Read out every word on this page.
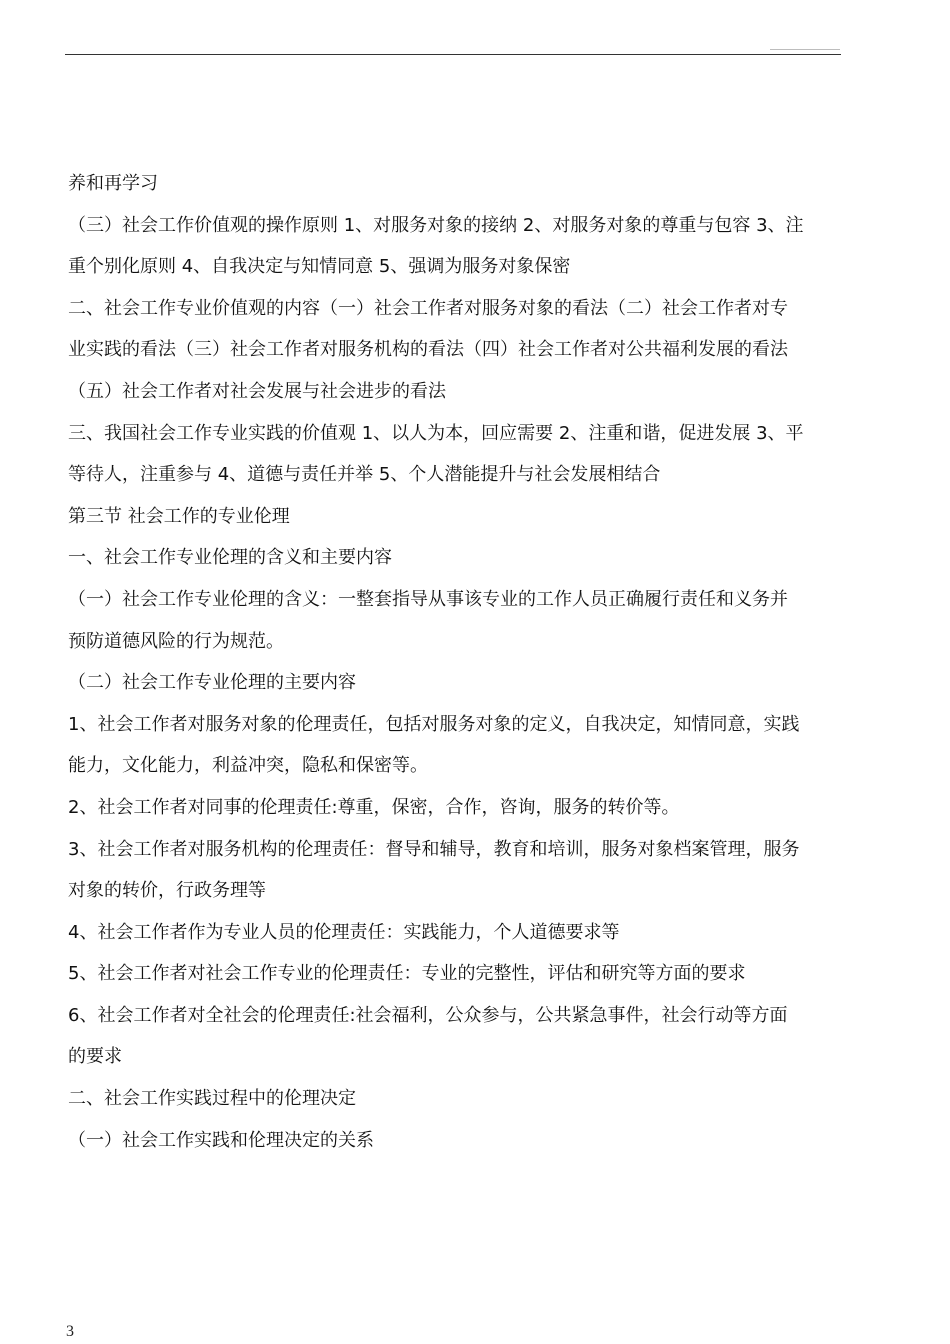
养和再学习
（三）社会工作价值观的操作原则 1、对服务对象的接纳 2、对服务对象的尊重与包容 3、注
重个别化原则 4、自我决定与知情同意 5、强调为服务对象保密
二、社会工作专业价值观的内容（一）社会工作者对服务对象的看法（二）社会工作者对专
业实践的看法（三）社会工作者对服务机构的看法（四）社会工作者对公共福利发展的看法
（五）社会工作者对社会发展与社会进步的看法
三、我国社会工作专业实践的价值观 1、以人为本，回应需要 2、注重和谐，促进发展 3、平
等待人，注重参与 4、道德与责任并举 5、个人潜能提升与社会发展相结合
第三节 社会工作的专业伦理
一、社会工作专业伦理的含义和主要内容
（一）社会工作专业伦理的含义：一整套指导从事该专业的工作人员正确履行责任和义务并
预防道德风险的行为规范。
（二）社会工作专业伦理的主要内容
1、社会工作者对服务对象的伦理责任，包括对服务对象的定义，自我决定，知情同意，实践
能力，文化能力，利益冲突，隐私和保密等。
2、社会工作者对同事的伦理责任:尊重，保密，合作，咨询，服务的转价等。
3、社会工作者对服务机构的伦理责任：督导和辅导，教育和培训，服务对象档案管理，服务
对象的转价，行政务理等
4、社会工作者作为专业人员的伦理责任：实践能力，个人道德要求等
5、社会工作者对社会工作专业的伦理责任：专业的完整性，评估和研究等方面的要求
6、社会工作者对全社会的伦理责任:社会福利，公众参与，公共紧急事件，社会行动等方面
的要求
二、社会工作实践过程中的伦理决定
（一）社会工作实践和伦理决定的关系
3
